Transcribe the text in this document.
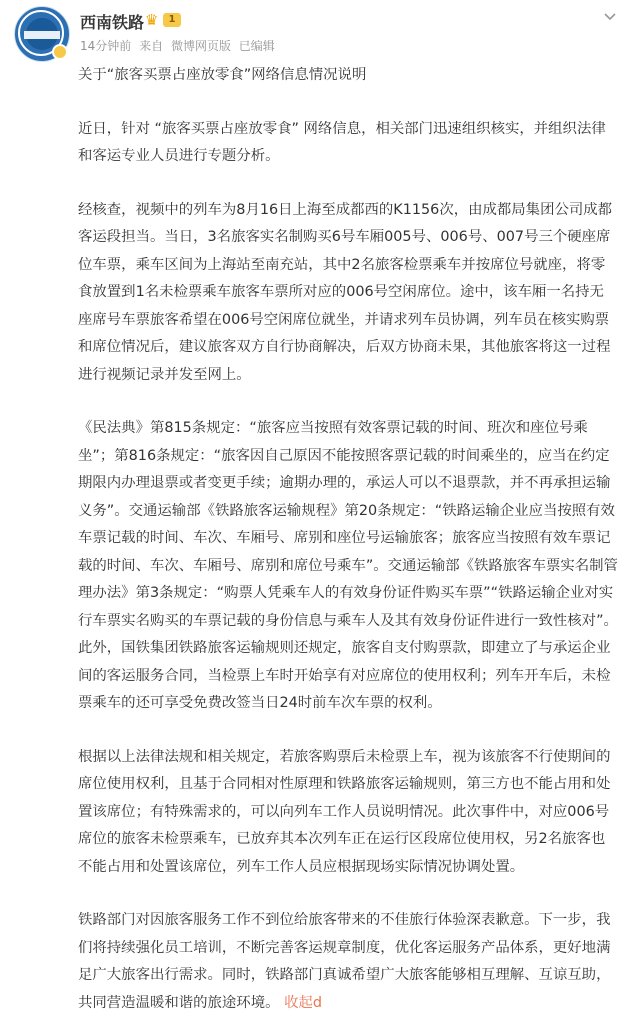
西南铁路 ♛	1
14分钟前 来自 微博网页版 已编辑

关于“旅客买票占座放零食”网络信息情况说明

近日，针对 “旅客买票占座放零食” 网络信息，相关部门迅速组织核实，并组织法律和客运专业人员进行专题分析。

经核查，视频中的列车为8月16日上海至成都西的K1156次，由成都局集团公司成都客运段担当。当日，3名旅客实名制购买6号车厢005号、006号、007号三个硬座席位车票，乘车区间为上海站至南充站，其中2名旅客检票乘车并按席位号就座，将零食放置到1名未检票乘车旅客车票所对应的006号空闲席位。途中，该车厢一名持无座席号车票旅客希望在006号空闲席位就坐，并请求列车员协调，列车员在核实购票和席位情况后，建议旅客双方自行协商解决，后双方协商未果，其他旅客将这一过程进行视频记录并发至网上。

《民法典》第815条规定：“旅客应当按照有效客票记载的时间、班次和座位号乘坐”；第816条规定：“旅客因自己原因不能按照客票记载的时间乘坐的，应当在约定期限内办理退票或者变更手续；逾期办理的，承运人可以不退票款，并不再承担运输义务”。交通运输部《铁路旅客运输规程》第20条规定：“铁路运输企业应当按照有效车票记载的时间、车次、车厢号、席别和座位号运输旅客；旅客应当按照有效车票记载的时间、车次、车厢号、席别和席位号乘车”。交通运输部《铁路旅客车票实名制管理办法》第3条规定：“购票人凭乘车人的有效身份证件购买车票”“铁路运输企业对实行车票实名购买的车票记载的身份信息与乘车人及其有效身份证件进行一致性核对”。此外，国铁集团铁路旅客运输规则还规定，旅客自支付购票款，即建立了与承运企业间的客运服务合同，当检票上车时开始享有对应席位的使用权利；列车开车后，未检票乘车的还可享受免费改签当日24时前车次车票的权利。

根据以上法律法规和相关规定，若旅客购票后未检票上车，视为该旅客不行使期间的席位使用权利，且基于合同相对性原理和铁路旅客运输规则，第三方也不能占用和处置该席位；有特殊需求的，可以向列车工作人员说明情况。此次事件中，对应006号席位的旅客未检票乘车，已放弃其本次列车正在运行区段席位使用权，另2名旅客也不能占用和处置该席位，列车工作人员应根据现场实际情况协调处置。

铁路部门对因旅客服务工作不到位给旅客带来的不佳旅行体验深表歉意。下一步，我们将持续强化员工培训，不断完善客运规章制度，优化客运服务产品体系，更好地满足广大旅客出行需求。同时，铁路部门真诚希望广大旅客能够相互理解、互谅互助，共同营造温暖和谐的旅途环境。 收起d
